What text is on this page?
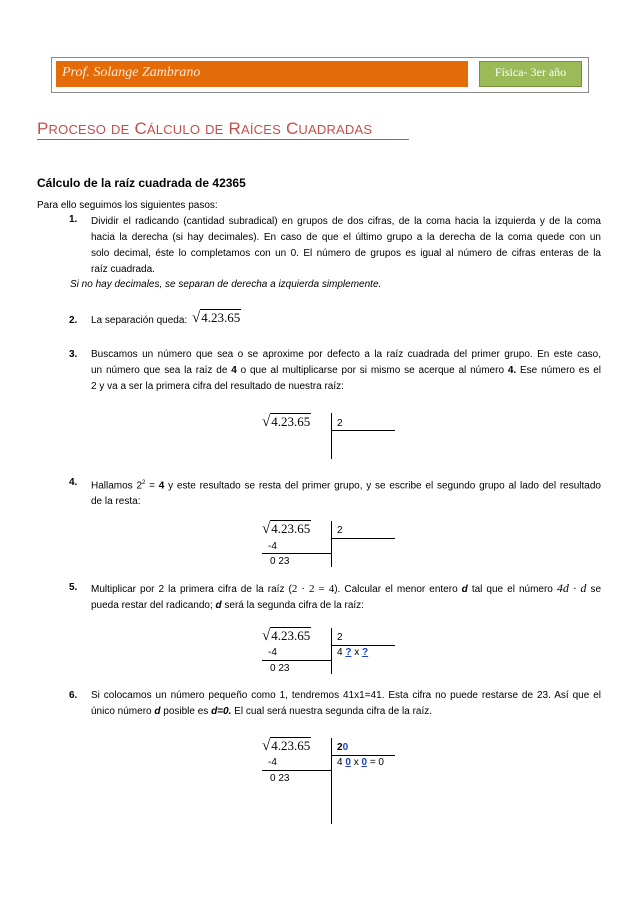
Prof. Solange Zambrano	Física- 3er año
PROCESO DE CÁLCULO DE RAÍCES CUADRADAS
Cálculo de la raíz cuadrada de 42365
Para ello seguimos los siguientes pasos:
1. Dividir el radicando (cantidad subradical) en grupos de dos cifras, de la coma hacia la izquierda y de la coma
hacia la derecha (si hay decimales). En caso de que el último grupo a la derecha de la coma quede con un
solo decimal, éste lo completamos con un 0. El número de grupos es igual al número de cifras enteras de la
raíz cuadrada.
Si no hay decimales, se separan de derecha a izquierda simplemente.
2. La separación queda: √4.23.65
3. Buscamos un número que sea o se aproxime por defecto a la raíz cuadrada del primer grupo. En este caso,
un número que sea la raíz de 4 o que al multiplicarse por si mismo se acerque al número 4. Ese número es el
2 y va a ser la primera cifra del resultado de nuestra raíz:
√4.23.65	2
4. Hallamos $2^2 = 4$ y este resultado se resta del primer grupo, y se escribe el segundo grupo al lado del resultado
de la resta:
√4.23.65
-4
0 23
2
5. Multiplicar por 2 la primera cifra de la raíz (2 · 2 = 4). Calcular el menor entero d tal que el número 4d · d se
pueda restar del radicando; d será la segunda cifra de la raíz:
√4.23.65
-4
0 23
2
4 ? x ?
6. Si colocamos un número pequeño como 1, tendremos 41x1=41. Esta cifra no puede restarse de 23. Así que el
único número d posible es d=0. El cual será nuestra segunda cifra de la raíz.
√4.23.65
-4
0 23
20
4 0 x 0 = 0
